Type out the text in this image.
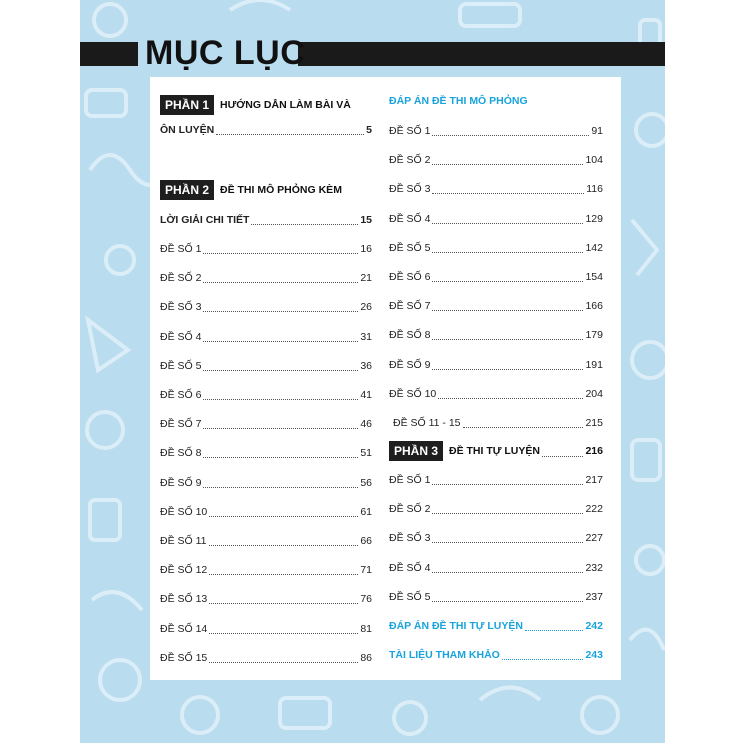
MỤC LỤC
PHẦN 1	HƯỚNG DẪN LÀM BÀI VÀ
ÔN LUYỆN	5
PHẦN 2	ĐỀ THI MÔ PHỎNG KÈM
LỜI GIẢI CHI TIẾT	15
ĐỀ SỐ 1	16
ĐỀ SỐ 2	21
ĐỀ SỐ 3	26
ĐỀ SỐ 4	31
ĐỀ SỐ 5	36
ĐỀ SỐ 6	41
ĐỀ SỐ 7	46
ĐỀ SỐ 8	51
ĐỀ SỐ 9	56
ĐỀ SỐ 10	61
ĐỀ SỐ 11	66
ĐỀ SỐ 12	71
ĐỀ SỐ 13	76
ĐỀ SỐ 14	81
ĐỀ SỐ 15	86
ĐÁP ÁN ĐỀ THI MÔ PHỎNG
ĐỀ SỐ 1	91
ĐỀ SỐ 2	104
ĐỀ SỐ 3	116
ĐỀ SỐ 4	129
ĐỀ SỐ 5	142
ĐỀ SỐ 6	154
ĐỀ SỐ 7	166
ĐỀ SỐ 8	179
ĐỀ SỐ 9	191
ĐỀ SỐ 10	204
ĐỀ SỐ 11 - 15	215
PHẦN 3	ĐỀ THI TỰ LUYỆN	216
ĐỀ SỐ 1	217
ĐỀ SỐ 2	222
ĐỀ SỐ 3	227
ĐỀ SỐ 4	232
ĐỀ SỐ 5	237
ĐÁP ÁN ĐỀ THI TỰ LUYỆN	242
TÀI LIỆU THAM KHẢO	243
